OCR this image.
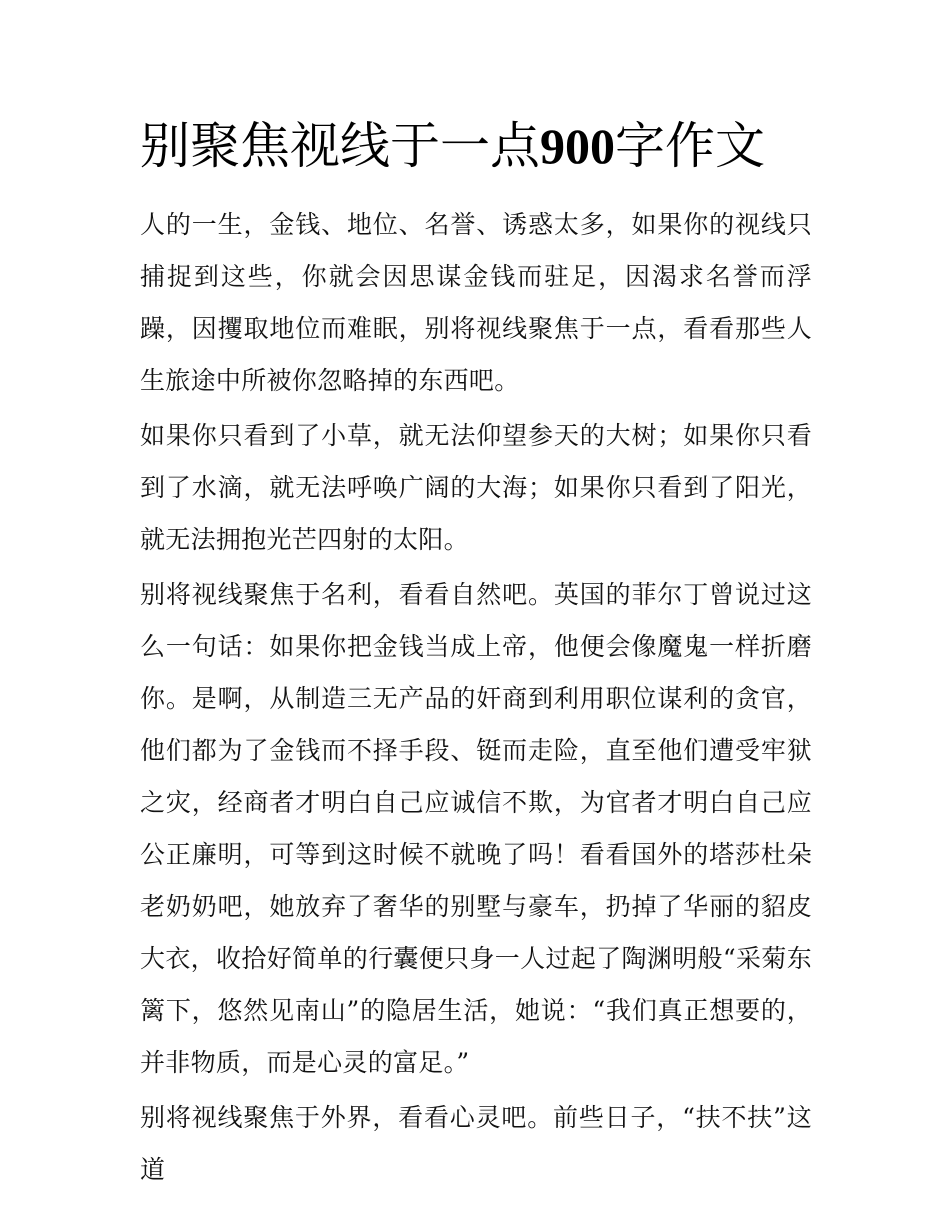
别聚焦视线于一点900字作文

人的一生，金钱、地位、名誉、诱惑太多，如果你的视线只捕捉到这些，你就会因思谋金钱而驻足，因渴求名誉而浮躁，因攫取地位而难眠，别将视线聚焦于一点，看看那些人生旅途中所被你忽略掉的东西吧。

如果你只看到了小草，就无法仰望参天的大树；如果你只看到了水滴，就无法呼唤广阔的大海；如果你只看到了阳光，就无法拥抱光芒四射的太阳。

别将视线聚焦于名利，看看自然吧。英国的菲尔丁曾说过这么一句话：如果你把金钱当成上帝，他便会像魔鬼一样折磨你。是啊，从制造三无产品的奸商到利用职位谋利的贪官，他们都为了金钱而不择手段、铤而走险，直至他们遭受牢狱之灾，经商者才明白自己应诚信不欺，为官者才明白自己应公正廉明，可等到这时候不就晚了吗！看看国外的塔莎杜朵老奶奶吧，她放弃了奢华的别墅与豪车，扔掉了华丽的貂皮大衣，收拾好简单的行囊便只身一人过起了陶渊明般“采菊东篱下，悠然见南山”的隐居生活，她说：“我们真正想要的，并非物质，而是心灵的富足。”

别将视线聚焦于外界，看看心灵吧。前些日子，“扶不扶”这道
